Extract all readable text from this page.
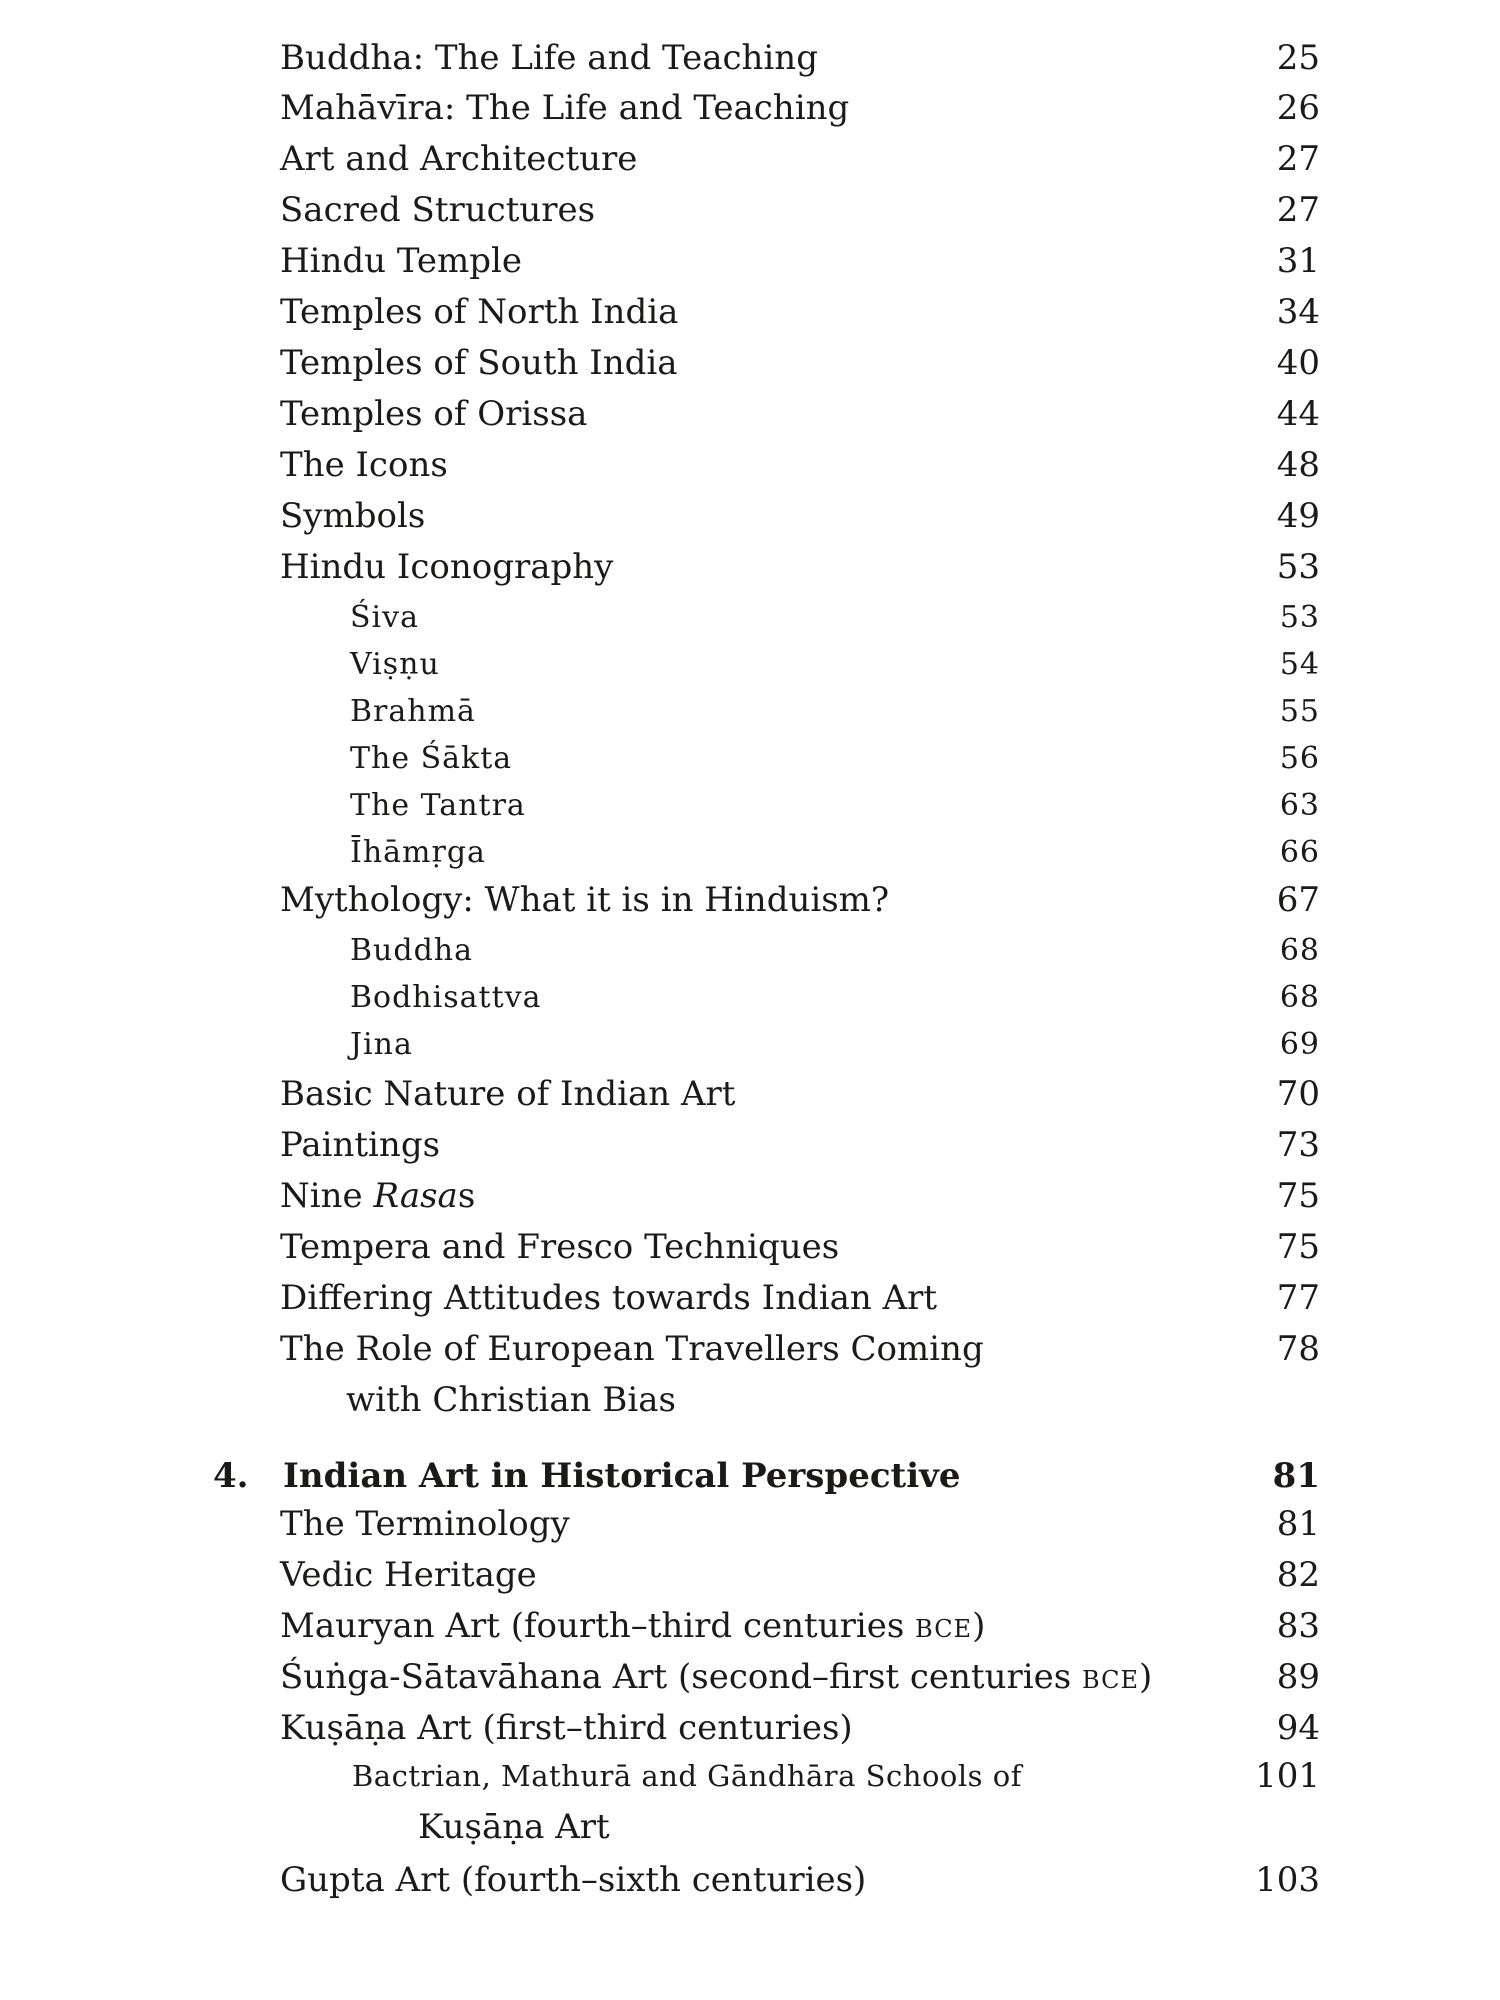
Buddha: The Life and Teaching	25
Mahāvīra: The Life and Teaching	26
Art and Architecture	27
Sacred Structures	27
Hindu Temple	31
Temples of North India	34
Temples of South India	40
Temples of Orissa	44
The Icons	48
Symbols	49
Hindu Iconography	53
Śiva	53
Viṣṇu	54
Brahmā	55
The Śākta	56
The Tantra	63
Īhāmṛga	66
Mythology: What it is in Hinduism?	67
Buddha	68
Bodhisattva	68
Jina	69
Basic Nature of Indian Art	70
Paintings	73
Nine Rasas	75
Tempera and Fresco Techniques	75
Differing Attitudes towards Indian Art	77
The Role of European Travellers Coming	78
with Christian Bias
4. Indian Art in Historical Perspective	81
The Terminology	81
Vedic Heritage	82
Mauryan Art (fourth–third centuries BCE)	83
Śuṅga-Sātavāhana Art (second–first centuries BCE)	89
Kuṣāṇa Art (first–third centuries)	94
Bactrian, Mathurā and Gāndhāra Schools of	101
Kuṣāṇa Art
Gupta Art (fourth–sixth centuries)	103
